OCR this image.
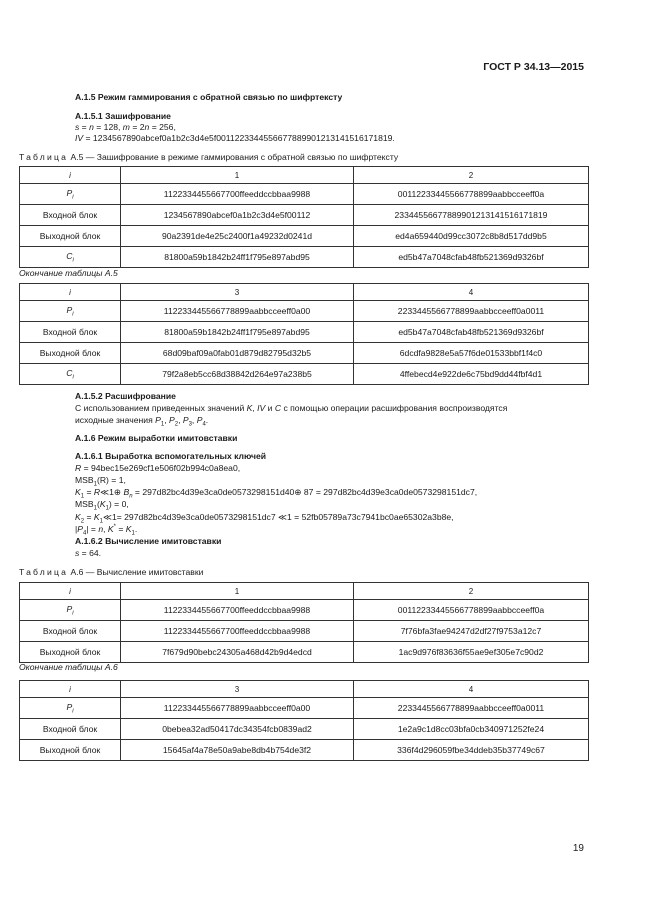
ГОСТ Р 34.13—2015
А.1.5 Режим гаммирования с обратной связью по шифртексту
А.1.5.1 Зашифрование
s = n = 128, m = 2n = 256,
IV = 1234567890abcef0a1b2c3d4e5f00112233445566778899012131415161718​19.
Таблица А.5 — Зашифрование в режиме гаммирования с обратной связью по шифртексту
i	1	2
$P_i$	1122334455667700ffeeddccbbaa9988	00112233445566778899aabbcceeff0a
Входной блок	1234567890abcef0a1b2c3d4e5f00112	23344556677889901213141516171819
Выходной блок	90a2391de4e25c2400f1a49232d0241d	ed4a659440d99cc3072c8b8d517dd9b5
$C_i$	81800a59b1842b24ff1f795e897abd95	ed5b47a7048cfab48fb521369d9326bf
Окончание таблицы А.5
i	3	4
$P_i$	112233445566778899aabbcceeff0a00	2233445566778899aabbcceeff0a0011
Входной блок	81800a59b1842b24ff1f795e897abd95	ed5b47a7048cfab48fb521369d9326bf
Выходной блок	68d09baf09a0fab01d879d82795d32b5	6dcdfa9828e5a57f6de01533bbf1f4c0
$C_i$	79f2a8eb5cc68d38842d264e97a238b5	4ffebecd4e922de6c75bd9dd44fbf4d1
А.1.5.2 Расшифрование
С использованием приведенных значений K, IV и C с помощью операции расшифрования воспроизводятся
исходные значения $P_1$, $P_2$, $P_3$, $P_4$.
А.1.6 Режим выработки имитовставки
А.1.6.1 Выработка вспомогательных ключей
R = 94bec15e269cf1e506f02b994c0a8ea0,
$MSB_1(R) = 1$,
$K_1$ = R≪1⊕ $B_n$ = 297d82bc4d39e3ca0de0573298151d40⊕ 87 = 297d82bc4d39e3ca0de0573298151dc7,
$MSB_1(K_1) = 0$,
$K_2$ = $K_1≪1= 297d82bc4d39e3ca0de0573298151dc7$ ≪1 = 52fb05789a73c7941bc0ae65302a3b8e,
$|P_4| = n$, $K^* = K_1$.
А.1.6.2 Вычисление имитовставки
s = 64.
Таблица А.6 — Вычисление имитовставки
i	1	2
$P_i$	1122334455667700ffeeddccbbaa9988	00112233445566778899aabbcceeff0a
Входной блок	1122334455667700ffeeddccbbaa9988	7f76bfa3fae94247d2df27f9753a12c7
Выходной блок	7f679d90bebc24305a468d42b9d4edcd	1ac9d976f83636f55ae9ef305e7c90d2
Окончание таблицы А.6
i	3	4
$P_i$	112233445566778899aabbcceeff0a00	2233445566778899aabbcceeff0a0011
Входной блок	0bebea32ad50417dc34354fcb0839ad2	1e2a9c1d8cc03bfa0cb340971252fe24
Выходной блок	15645af4a78e50a9abe8db4b754de3f2	336f4d296059fbe34ddeb35b37749c67
19
